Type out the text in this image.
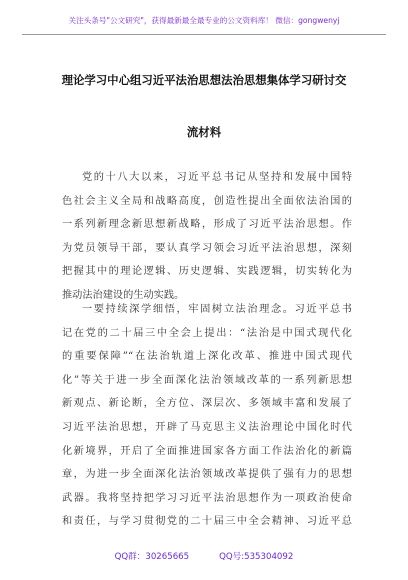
关注头条号"公文研究"，获得最新最全最专业的公文资料库！ 微信：gongwenyj
理论学习中心组习近平法治思想法治思想集体学习研讨交
流材料
党的十八大以来，习近平总书记从坚持和发展中国特
色社会主义全局和战略高度，创造性提出全面依法治国的
一系列新理念新思想新战略，形成了习近平法治思想。作
为党员领导干部，要认真学习领会习近平法治思想，深刻
把握其中的理论逻辑、历史逻辑、实践逻辑，切实转化为
推动法治建设的生动实践。
一要持续深学细悟，牢固树立法治理念。习近平总书
记在党的二十届三中全会上提出：“法治是中国式现代化
的重要保障”“在法治轨道上深化改革、推进中国式现代
化”等关于进一步全面深化法治领域改革的一系列新思想
新观点、新论断，全方位、深层次、多领域丰富和发展了
习近平法治思想，开辟了马克思主义法治理论中国化时代
化新境界，开启了全面推进国家各方面工作法治化的新篇
章，为进一步全面深化法治领域改革提供了强有力的思想
武器。我将坚持把学习习近平法治思想作为一项政治使命
和责任，与学习贯彻党的二十届三中全会精神、习近平总
QQ群：30265665	QQ号:535304092
